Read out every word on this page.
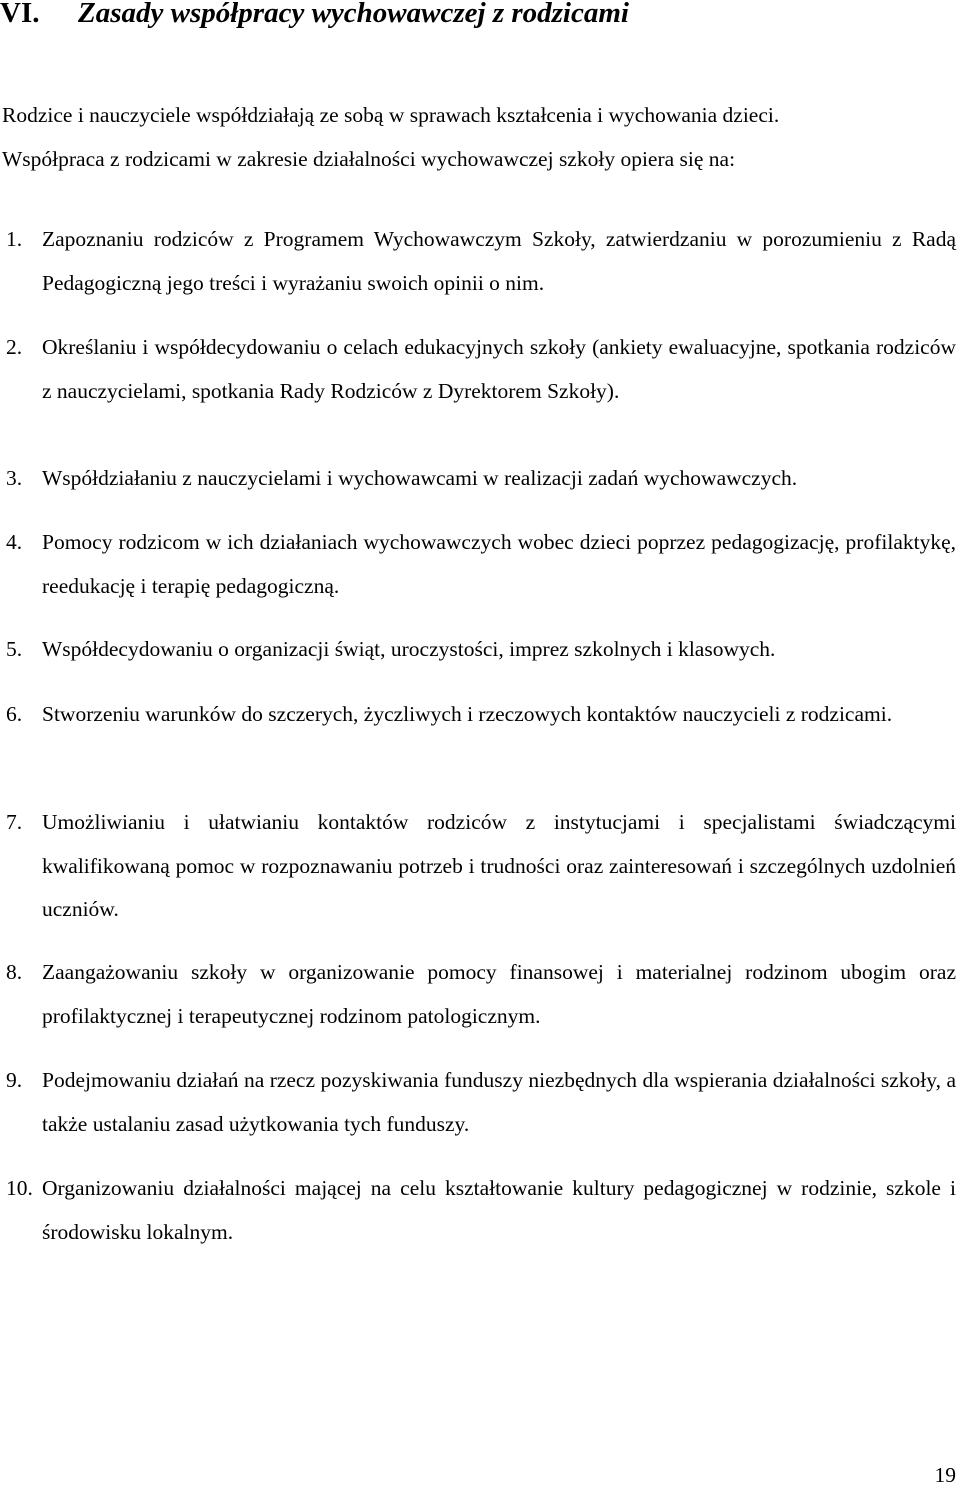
VI. Zasady współpracy wychowawczej z rodzicami
Rodzice i nauczyciele współdziałają ze sobą w sprawach kształcenia i wychowania dzieci.
Współpraca z rodzicami w zakresie działalności wychowawczej szkoły opiera się na:
1. Zapoznaniu rodziców z Programem Wychowawczym Szkoły, zatwierdzaniu w porozumieniu z Radą Pedagogiczną jego treści i wyrażaniu swoich opinii o nim.
2. Określaniu i współdecydowaniu o celach edukacyjnych szkoły (ankiety ewaluacyjne, spotkania rodziców z nauczycielami, spotkania Rady Rodziców z Dyrektorem Szkoły).
3. Współdziałaniu z nauczycielami i wychowawcami w realizacji zadań wychowawczych.
4. Pomocy rodzicom w ich działaniach wychowawczych wobec dzieci poprzez pedagogizację, profilaktykę, reedukację i terapię pedagogiczną.
5. Współdecydowaniu o organizacji świąt, uroczystości, imprez szkolnych i klasowych.
6. Stworzeniu warunków do szczerych, życzliwych i rzeczowych kontaktów nauczycieli z rodzicami.
7. Umożliwianiu i ułatwianiu kontaktów rodziców z instytucjami i specjalistami świadczącymi kwalifikowaną pomoc w rozpoznawaniu potrzeb i trudności oraz zainteresowań i szczególnych uzdolnień uczniów.
8. Zaangażowaniu szkoły w organizowanie pomocy finansowej i materialnej rodzinom ubogim oraz profilaktycznej i terapeutycznej rodzinom patologicznym.
9. Podejmowaniu działań na rzecz pozyskiwania funduszy niezbędnych dla wspierania działalności szkoły, a także ustalaniu zasad użytkowania tych funduszy.
10. Organizowaniu działalności mającej na celu kształtowanie kultury pedagogicznej w rodzinie, szkole i środowisku lokalnym.
19
